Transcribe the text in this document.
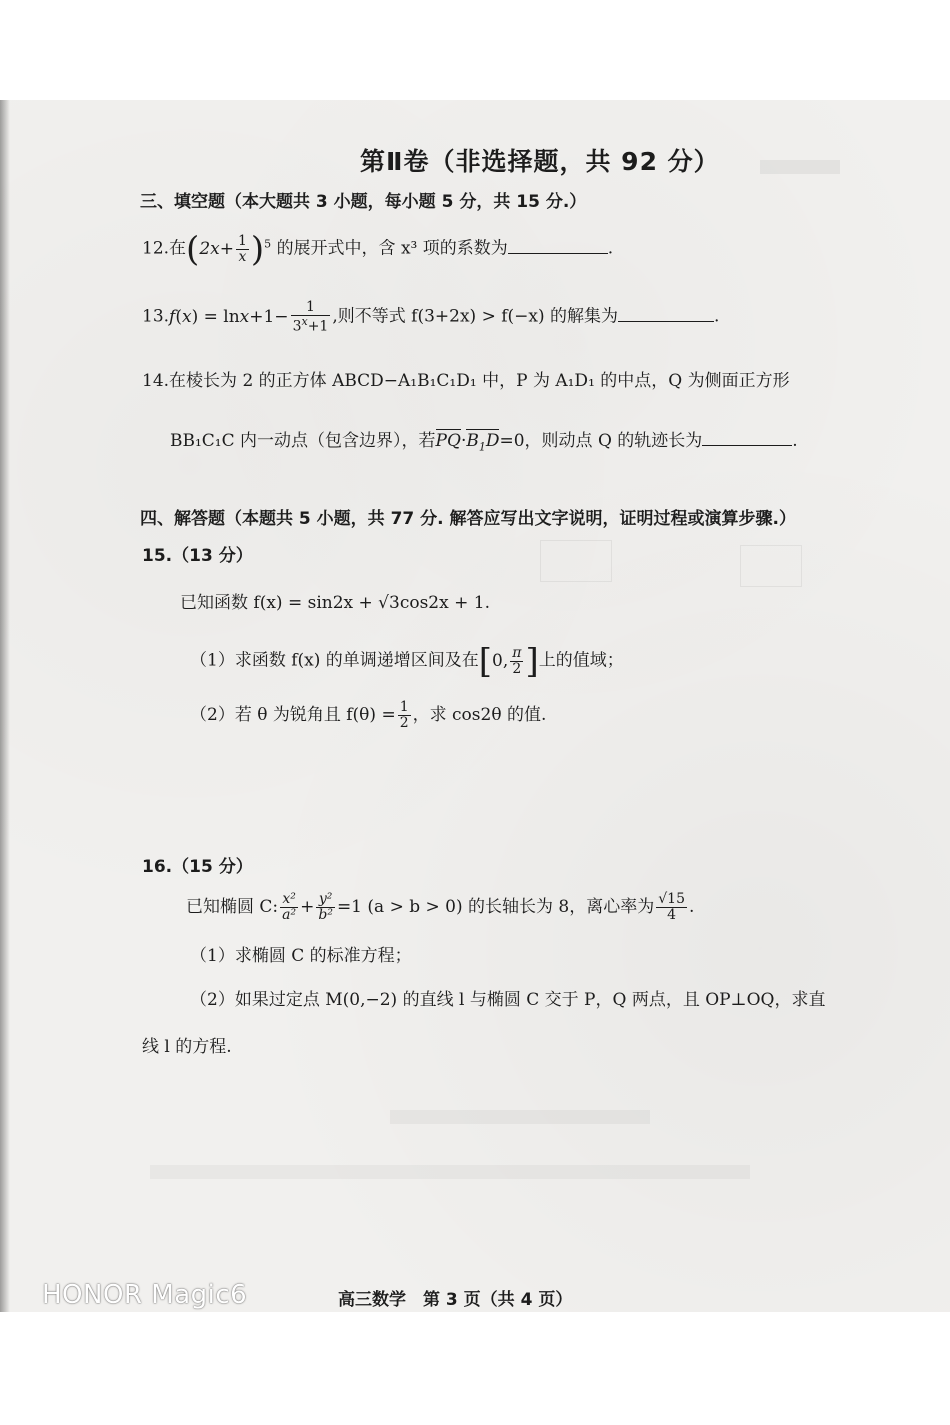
第Ⅱ卷（非选择题，共 92 分）
三、填空题（本大题共 3 小题，每小题 5 分，共 15 分.）
12.在$(2x+ \frac{1}{x} )^5$ 的展开式中，含 x³ 项的系数为	.
$13.f(x) = \ln x+1- \frac{1}{3^x+1}$ ,则不等式 f(3+2x) > f(−x) 的解集为	.
14.在棱长为 2 的正方体 ABCD−A₁B₁C₁D₁ 中，P 为 A₁D₁ 的中点，Q 为侧面正方形
BB₁C₁C 内一动点（包含边界），若$PQ\cdot B_1D=0$，则动点 Q 的轨迹长为	.
四、解答题（本题共 5 小题，共 77 分. 解答应写出文字说明，证明过程或演算步骤.）
15.（13 分）
已知函数 f(x) = sin2x + √3cos2x + 1.
（1）求函数 f(x) 的单调递增区间及在[0, $\frac{\pi}{2}$ ]上的值域；
（2）若 θ 为锐角且 $f(\theta) = \frac{1}{2}$ ，求 cos2θ 的值.
16.（15 分）
已知椭圆 C: $\frac{\text{x²}}{\text{a²}} + \frac{\text{y²}}{\text{b²}} =1$ (a > b > 0) 的长轴长为 8，离心率为 $\frac{√15}{4}$ .
（1）求椭圆 C 的标准方程；
（2）如果过定点 M(0,−2) 的直线 l 与椭圆 C 交于 P，Q 两点，且 OP⊥OQ，求直
线 l 的方程.
高三数学　第 3 页（共 4 页）
HONOR Magic6
